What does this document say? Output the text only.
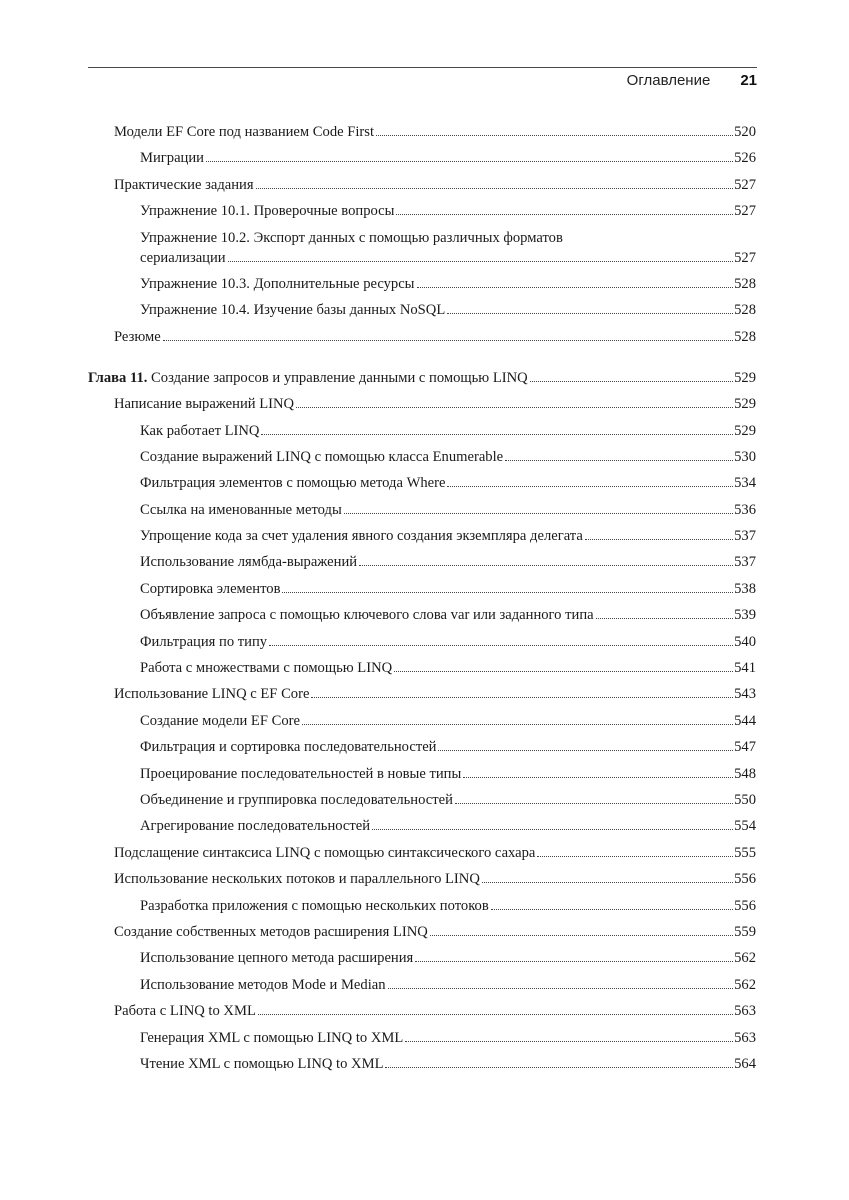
Оглавление 21
Модели EF Core под названием Code First	520
Миграции	526
Практические задания	527
Упражнение 10.1. Проверочные вопросы	527
Упражнение 10.2. Экспорт данных с помощью различных форматов
сериализации	527
Упражнение 10.3. Дополнительные ресурсы	528
Упражнение 10.4. Изучение базы данных NoSQL	528
Резюме	528
Глава 11. Создание запросов и управление данными с помощью LINQ	529
Написание выражений LINQ	529
Как работает LINQ	529
Создание выражений LINQ с помощью класса Enumerable	530
Фильтрация элементов с помощью метода Where	534
Ссылка на именованные методы	536
Упрощение кода за счет удаления явного создания экземпляра делегата	537
Использование лямбда-выражений	537
Сортировка элементов	538
Объявление запроса с помощью ключевого слова var или заданного типа	539
Фильтрация по типу	540
Работа с множествами с помощью LINQ	541
Использование LINQ с EF Core	543
Создание модели EF Core	544
Фильтрация и сортировка последовательностей	547
Проецирование последовательностей в новые типы	548
Объединение и группировка последовательностей	550
Агрегирование последовательностей	554
Подслащение синтаксиса LINQ с помощью синтаксического сахара	555
Использование нескольких потоков и параллельного LINQ	556
Разработка приложения с помощью нескольких потоков	556
Создание собственных методов расширения LINQ	559
Использование цепного метода расширения	562
Использование методов Mode и Median	562
Работа с LINQ to XML	563
Генерация XML с помощью LINQ to XML	563
Чтение XML с помощью LINQ to XML	564
